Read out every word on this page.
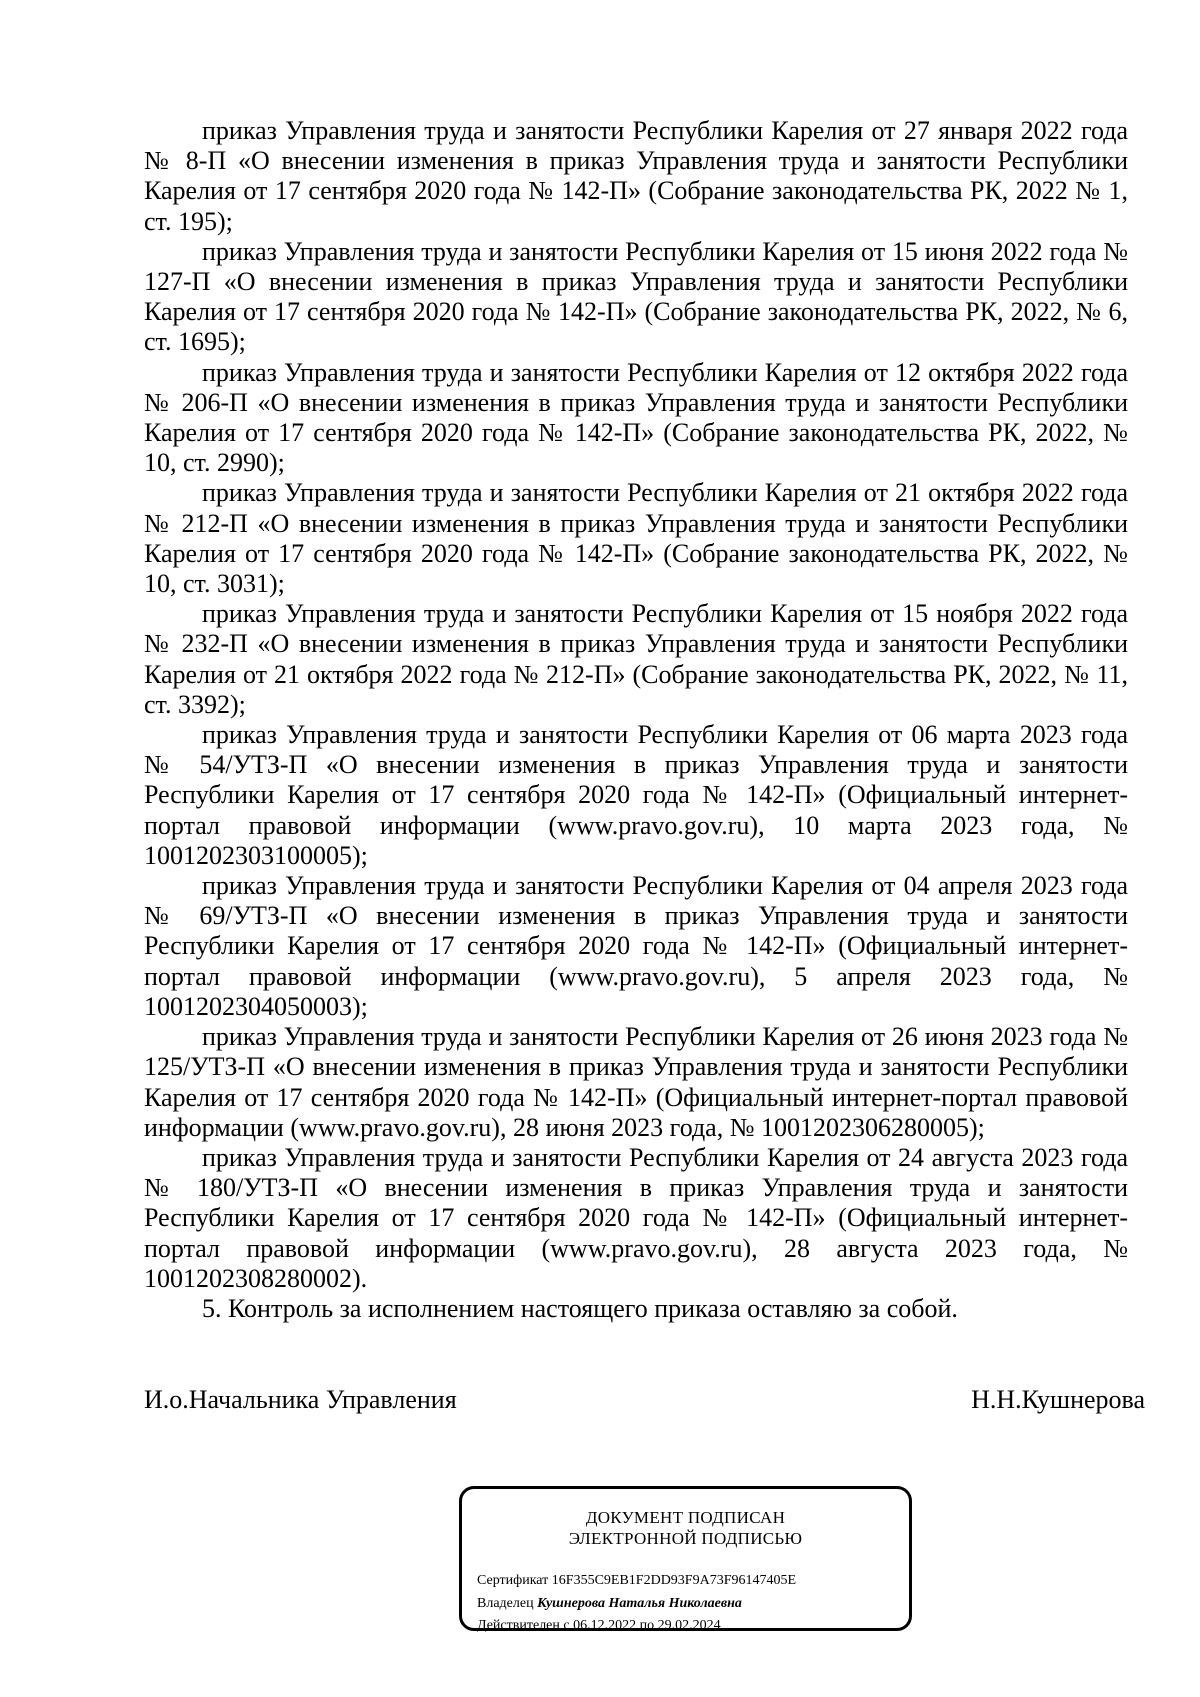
приказ Управления труда и занятости Республики Карелия от 27 января 2022 года № 8-П «О внесении изменения в приказ Управления труда и занятости Республики Карелия от 17 сентября 2020 года № 142-П» (Собрание законодательства РК, 2022 № 1, ст. 195);

приказ Управления труда и занятости Республики Карелия от 15 июня 2022 года № 127-П «О внесении изменения в приказ Управления труда и занятости Республики Карелия от 17 сентября 2020 года № 142-П» (Собрание законодательства РК, 2022, № 6, ст. 1695);

приказ Управления труда и занятости Республики Карелия от 12 октября 2022 года № 206-П «О внесении изменения в приказ Управления труда и занятости Республики Карелия от 17 сентября 2020 года № 142-П» (Собрание законодательства РК, 2022, № 10, ст. 2990);

приказ Управления труда и занятости Республики Карелия от 21 октября 2022 года № 212-П «О внесении изменения в приказ Управления труда и занятости Республики Карелия от 17 сентября 2020 года № 142-П» (Собрание законодательства РК, 2022, № 10, ст. 3031);

приказ Управления труда и занятости Республики Карелия от 15 ноября 2022 года № 232-П «О внесении изменения в приказ Управления труда и занятости Республики Карелия от 21 октября 2022 года № 212-П» (Собрание законодательства РК, 2022, № 11, ст. 3392);

приказ Управления труда и занятости Республики Карелия от 06 марта 2023 года № 54/УТЗ-П «О внесении изменения в приказ Управления труда и занятости Республики Карелия от 17 сентября 2020 года № 142-П» (Официальный интернет-портал правовой информации (www.pravo.gov.ru), 10 марта 2023 года, № 1001202303100005);

приказ Управления труда и занятости Республики Карелия от 04 апреля 2023 года № 69/УТЗ-П «О внесении изменения в приказ Управления труда и занятости Республики Карелия от 17 сентября 2020 года № 142-П» (Официальный интернет-портал правовой информации (www.pravo.gov.ru), 5 апреля 2023 года, № 1001202304050003);

приказ Управления труда и занятости Республики Карелия от 26 июня 2023 года № 125/УТЗ-П «О внесении изменения в приказ Управления труда и занятости Республики Карелия от 17 сентября 2020 года № 142-П» (Официальный интернет-портал правовой информации (www.pravo.gov.ru), 28 июня 2023 года, № 1001202306280005);

приказ Управления труда и занятости Республики Карелия от 24 августа 2023 года № 180/УТЗ-П «О внесении изменения в приказ Управления труда и занятости Республики Карелия от 17 сентября 2020 года № 142-П» (Официальный интернет-портал правовой информации (www.pravo.gov.ru), 28 августа 2023 года, № 1001202308280002).

5. Контроль за исполнением настоящего приказа оставляю за собой.

И.о.Начальника Управления	Н.Н.Кушнерова
ДОКУМЕНТ ПОДПИСАН
ЭЛЕКТРОННОЙ ПОДПИСЬЮ
Сертификат 16F355C9EB1F2DD93F9A73F96147405E
Владелец Кушнерова Наталья Николаевна
Действителен с 06.12.2022 по 29.02.2024
